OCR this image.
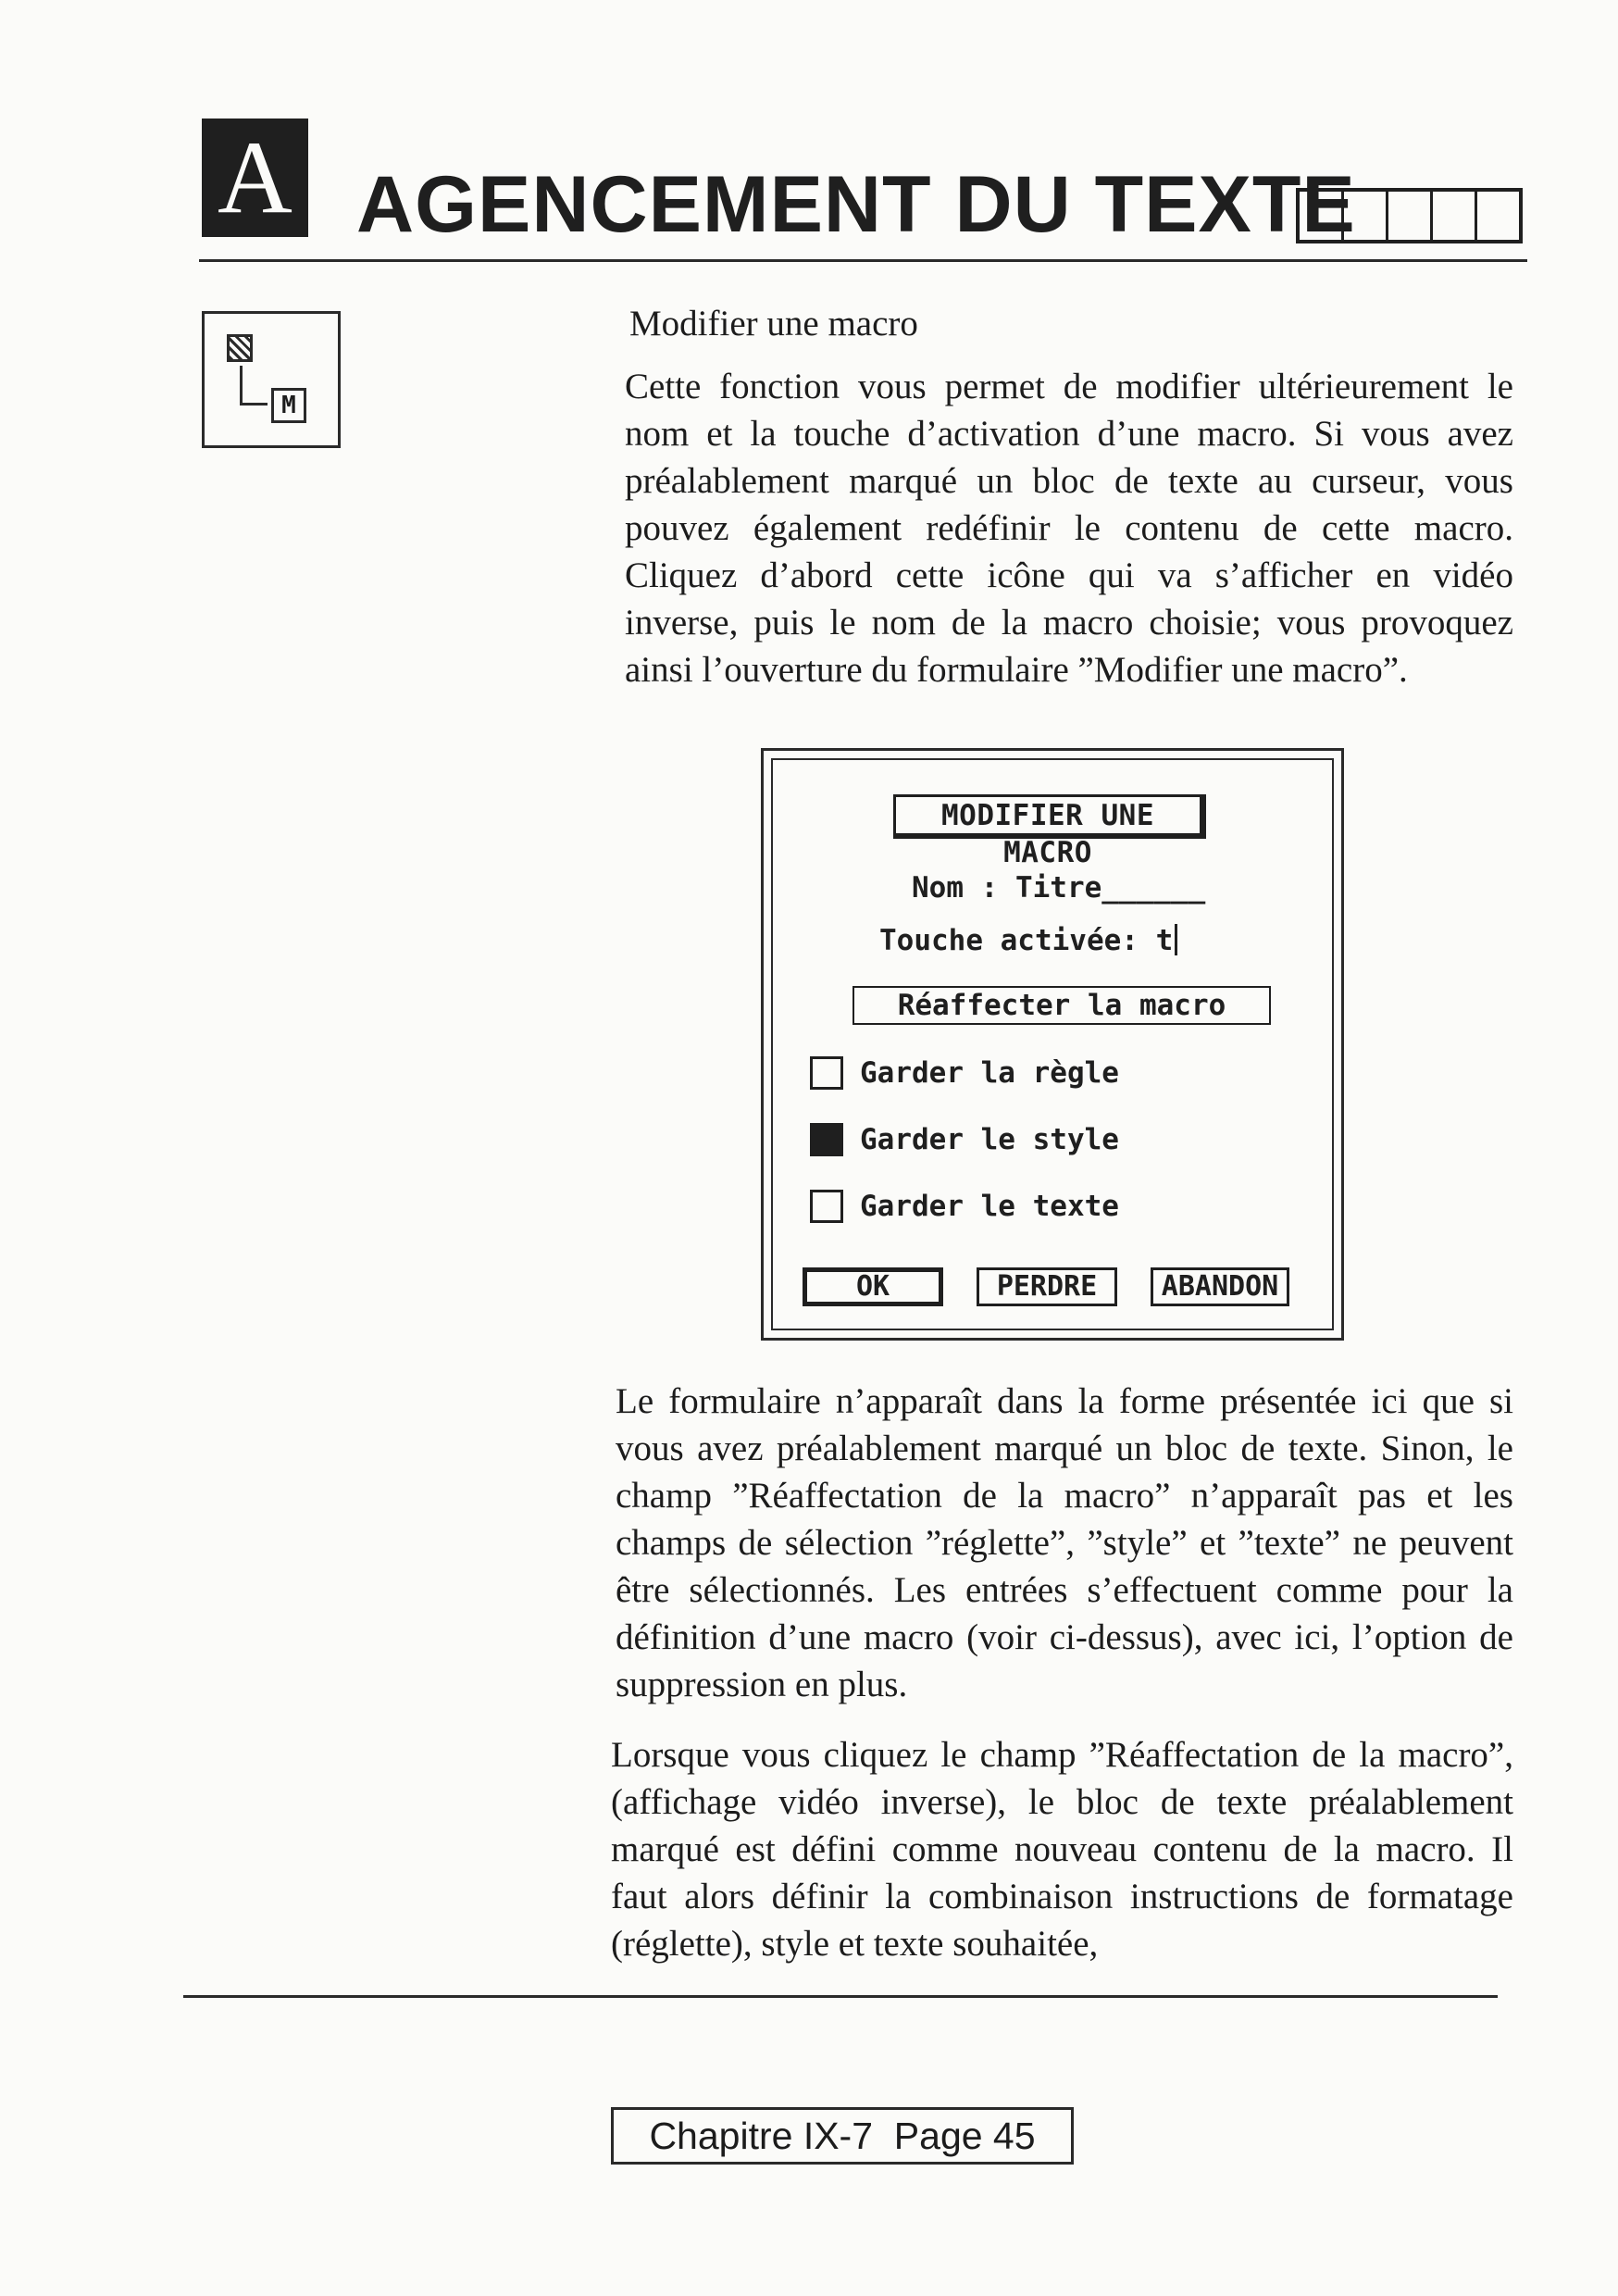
A AGENCEMENT DU TEXTE
M
Modifier une macro
Cette fonction vous permet de modifier ultérieurement le nom et la touche d’activation d’une macro. Si vous avez préalablement marqué un bloc de texte au curseur, vous pouvez également redéfinir le contenu de cette macro. Cliquez d’abord cette icône qui va s’afficher en vidéo inverse, puis le nom de la macro choisie; vous provoquez ainsi l’ouverture du formulaire ”Modifier une macro”.
MODIFIER UNE MACRO
Nom : Titre______
Touche activée: t
Réaffecter la macro
Garder la règle
Garder le style
Garder le texte
OK	PERDRE	ABANDON
Le formulaire n’apparaît dans la forme présentée ici que si vous avez préalablement marqué un bloc de texte. Sinon, le champ ”Réaffectation de la macro” n’apparaît pas et les champs de sélection ”réglette”, ”style” et ”texte” ne peuvent être sélectionnés. Les entrées s’effectuent comme pour la définition d’une macro (voir ci-dessus), avec ici, l’option de suppression en plus.
Lorsque vous cliquez le champ ”Réaffectation de la macro”, (affichage vidéo inverse), le bloc de texte préalablement marqué est défini comme nouveau contenu de la macro. Il faut alors définir la combinaison instructions de formatage (réglette), style et texte souhaitée,
Chapitre IX-7  Page 45
